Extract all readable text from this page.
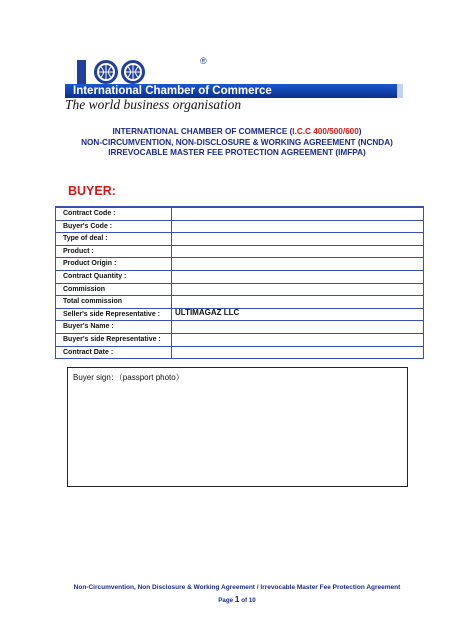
®
International Chamber of Commerce
The world business organisation
INTERNATIONAL CHAMBER OF COMMERCE (I.C.C 400/500/600)
NON-CIRCUMVENTION, NON-DISCLOSURE & WORKING AGREEMENT (NCNDA)
IRREVOCABLE MASTER FEE PROTECTION AGREEMENT (IMFPA)
BUYER:
Contract Code :	
Buyer's Code :	
Type of deal :	
Product :	
Product Origin :	
Contract Quantity :	
Commission	
Total commission	
Seller's side Representative :	ULTIMAGAZ LLC
Buyer's Name :	
Buyer's side Representative :	
Contract Date :	
Buyer sign：（passport photo）
Non-Circumvention, Non Disclosure & Working Agreement / Irrevocable Master Fee Protection Agreement
Page 1 of 10
